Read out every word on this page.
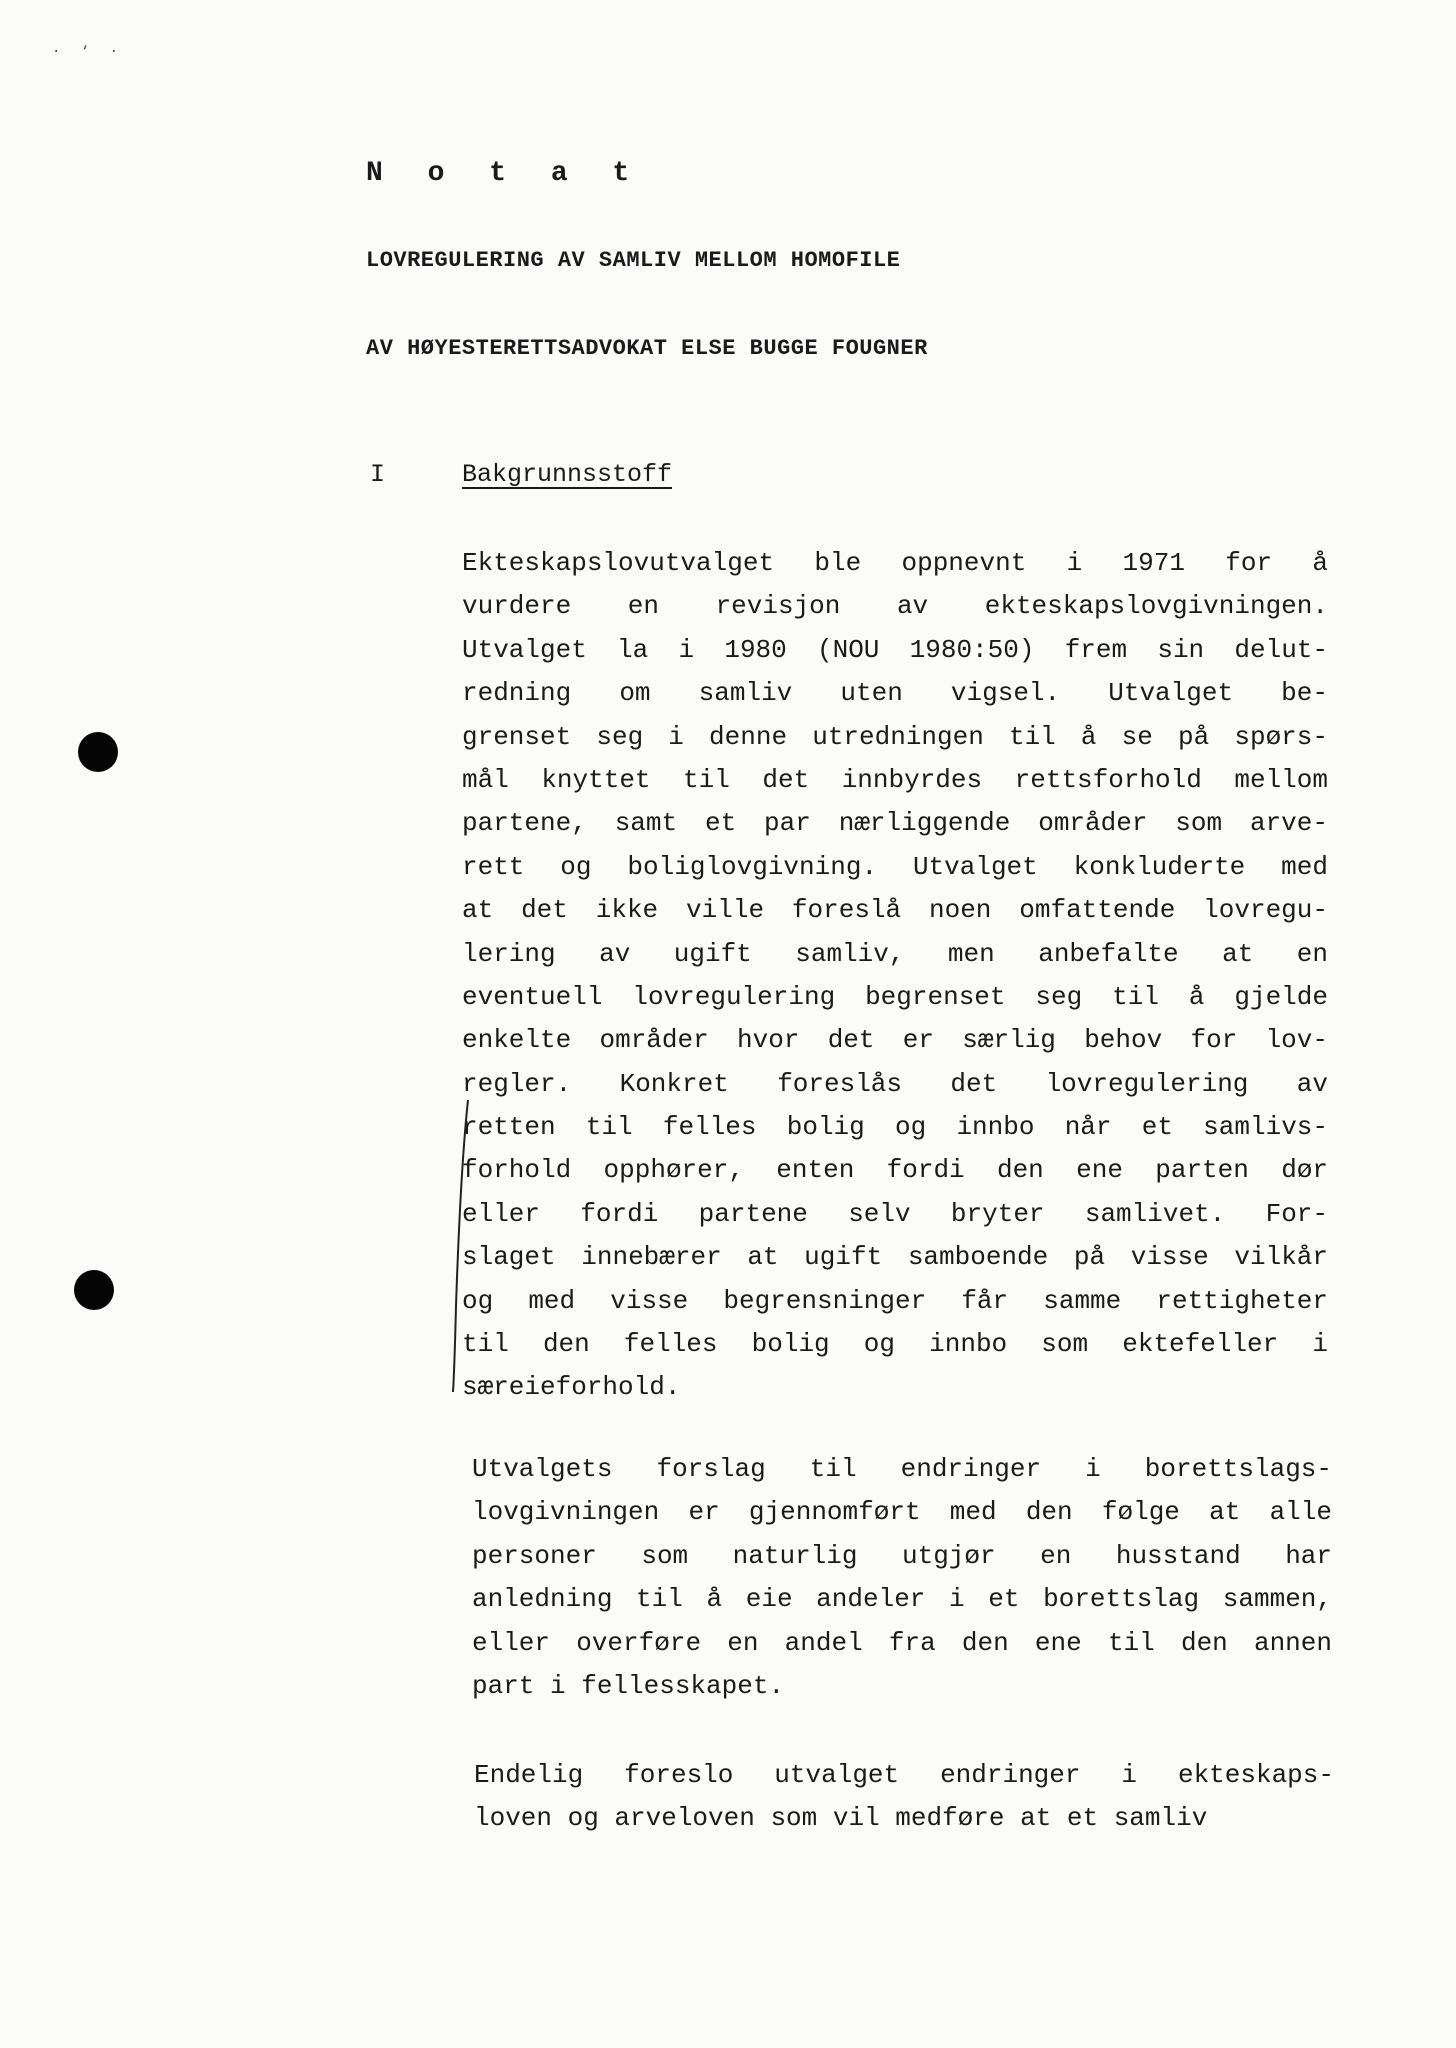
· ‘ ·
N o t a t
LOVREGULERING AV SAMLIV MELLOM HOMOFILE
AV HØYESTERETTSADVOKAT ELSE BUGGE FOUGNER
I	Bakgrunnsstoff
Ekteskapslovutvalget ble oppnevnt i 1971 for å
vurdere en revisjon av ekteskapslovgivningen.
Utvalget la i 1980 (NOU 1980:50) frem sin delut-
redning om samliv uten vigsel. Utvalget be-
grenset seg i denne utredningen til å se på spørs-
mål knyttet til det innbyrdes rettsforhold mellom
partene, samt et par nærliggende områder som arve-
rett og boliglovgivning. Utvalget konkluderte med
at det ikke ville foreslå noen omfattende lovregu-
lering av ugift samliv, men anbefalte at en
eventuell lovregulering begrenset seg til å gjelde
enkelte områder hvor det er særlig behov for lov-
regler. Konkret foreslås det lovregulering av
retten til felles bolig og innbo når et samlivs-
forhold opphører, enten fordi den ene parten dør
eller fordi partene selv bryter samlivet. For-
slaget innebærer at ugift samboende på visse vilkår
og med visse begrensninger får samme rettigheter
til den felles bolig og innbo som ektefeller i
særeieforhold.
Utvalgets forslag til endringer i borettslags-
lovgivningen er gjennomført med den følge at alle
personer som naturlig utgjør en husstand har
anledning til å eie andeler i et borettslag sammen,
eller overføre en andel fra den ene til den annen
part i fellesskapet.
Endelig foreslo utvalget endringer i ekteskaps-
loven og arveloven som vil medføre at et samliv
